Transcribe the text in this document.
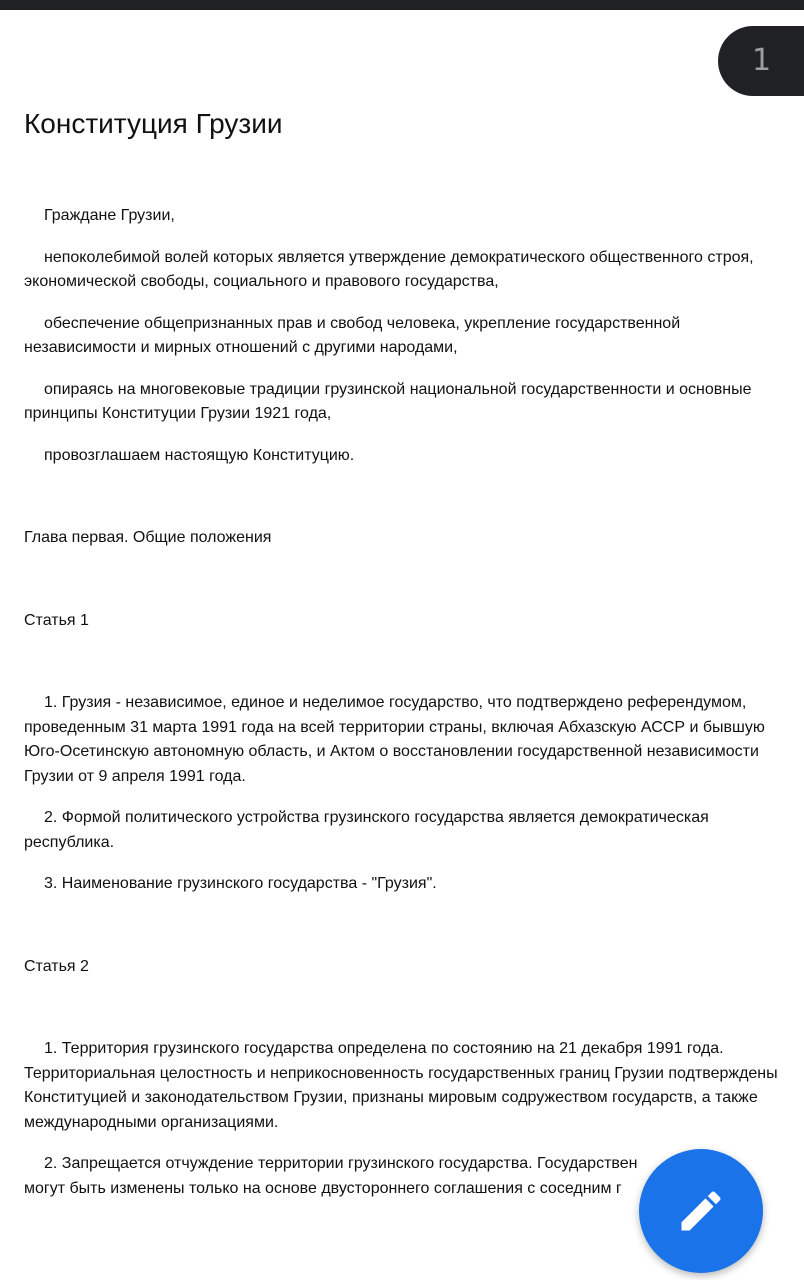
1
Конституция Грузии

Граждане Грузии,

непоколебимой волей которых является утверждение демократического общественного строя, экономической свободы, социального и правового государства,

обеспечение общепризнанных прав и свобод человека, укрепление государственной независимости и мирных отношений с другими народами,

опираясь на многовековые традиции грузинской национальной государственности и основные принципы Конституции Грузии 1921 года,

провозглашаем настоящую Конституцию.

Глава первая. Общие положения

Статья 1

1. Грузия - независимое, единое и неделимое государство, что подтверждено референдумом, проведенным 31 марта 1991 года на всей территории страны, включая Абхазскую АССР и бывшую Юго-Осетинскую автономную область, и Актом о восстановлении государственной независимости Грузии от 9 апреля 1991 года.

2. Формой политического устройства грузинского государства является демократическая республика.

3. Наименование грузинского государства - "Грузия".

Статья 2

1. Территория грузинского государства определена по состоянию на 21 декабря 1991 года. Территориальная целостность и неприкосновенность государственных границ Грузии подтверждены Конституцией и законодательством Грузии, признаны мировым содружеством государств, а также международными организациями.

2. Запрещается отчуждение территории грузинского государства. Государствен

могут быть изменены только на основе двустороннего соглашения с соседним г
